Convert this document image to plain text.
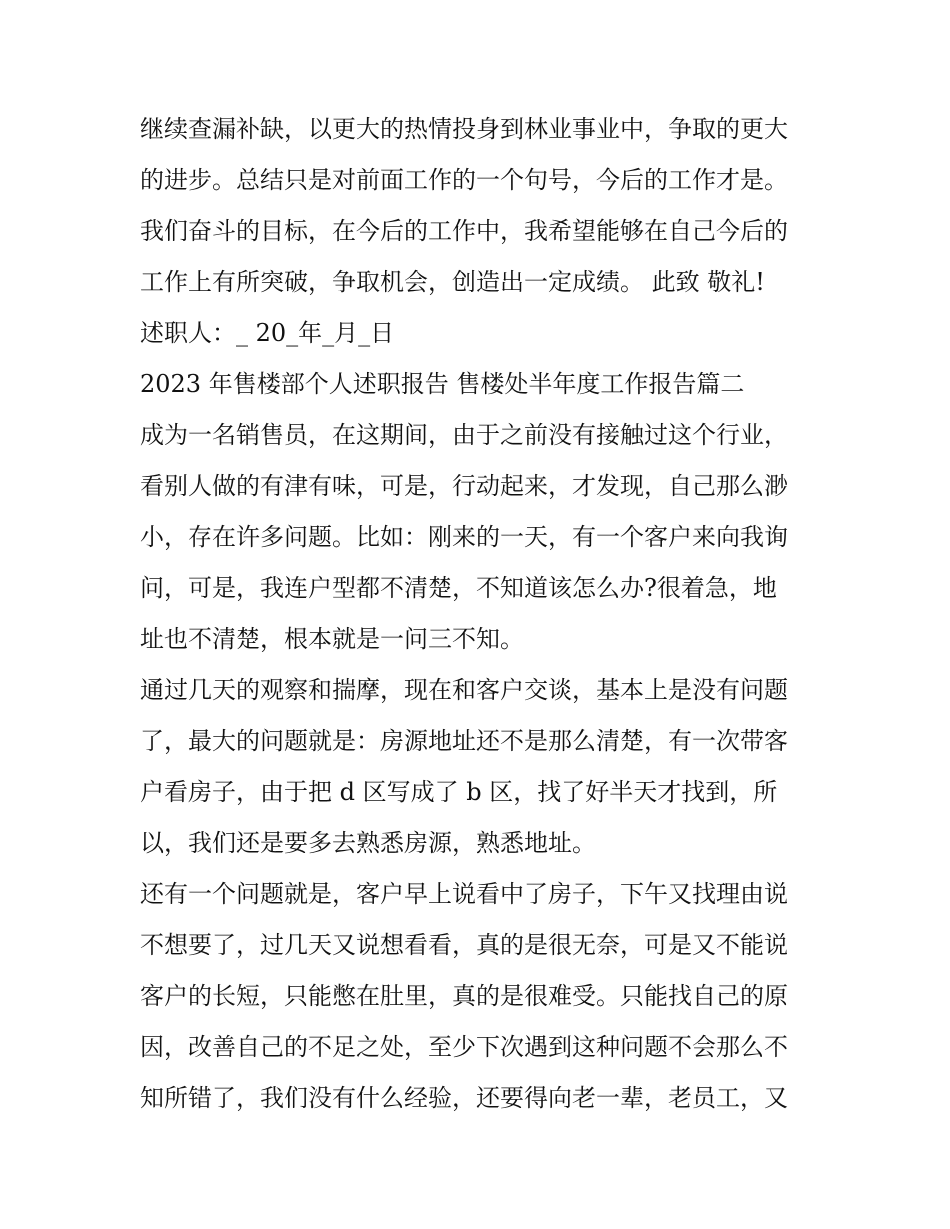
继续查漏补缺，以更大的热情投身到林业事业中，争取的更大
的进步。总结只是对前面工作的一个句号，今后的工作才是。
我们奋斗的目标，在今后的工作中，我希望能够在自己今后的
工作上有所突破，争取机会，创造出一定成绩。 此致 敬礼!
述职人：_ 20_年_月_日
2023 年售楼部个人述职报告 售楼处半年度工作报告篇二
成为一名销售员，在这期间，由于之前没有接触过这个行业，
看别人做的有津有味，可是，行动起来，才发现，自己那么渺
小，存在许多问题。比如：刚来的一天，有一个客户来向我询
问，可是，我连户型都不清楚，不知道该怎么办?很着急，地
址也不清楚，根本就是一问三不知。
通过几天的观察和揣摩，现在和客户交谈，基本上是没有问题
了，最大的问题就是：房源地址还不是那么清楚，有一次带客
户看房子，由于把 d 区写成了 b 区，找了好半天才找到，所
以，我们还是要多去熟悉房源，熟悉地址。
还有一个问题就是，客户早上说看中了房子，下午又找理由说
不想要了，过几天又说想看看，真的是很无奈，可是又不能说
客户的长短，只能憋在肚里，真的是很难受。只能找自己的原
因，改善自己的不足之处，至少下次遇到这种问题不会那么不
知所错了，我们没有什么经验，还要得向老一辈，老员工，又
